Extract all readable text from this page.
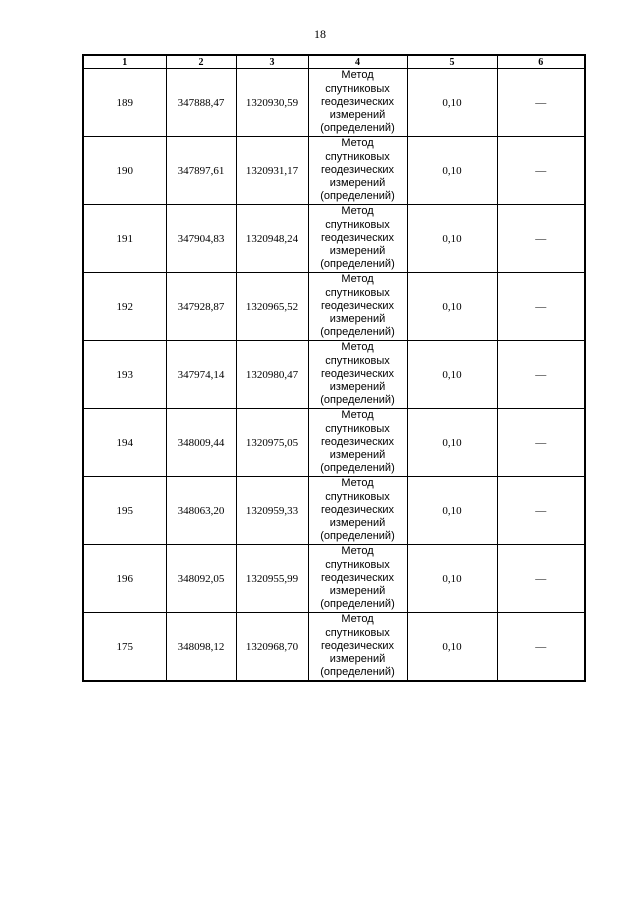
18
1	2	3	4	5	6
189	347888,47	1320930,59	Метод
спутниковых
геодезических
измерений
(определений)	0,10	—
190	347897,61	1320931,17	Метод
спутниковых
геодезических
измерений
(определений)	0,10	—
191	347904,83	1320948,24	Метод
спутниковых
геодезических
измерений
(определений)	0,10	—
192	347928,87	1320965,52	Метод
спутниковых
геодезических
измерений
(определений)	0,10	—
193	347974,14	1320980,47	Метод
спутниковых
геодезических
измерений
(определений)	0,10	—
194	348009,44	1320975,05	Метод
спутниковых
геодезических
измерений
(определений)	0,10	—
195	348063,20	1320959,33	Метод
спутниковых
геодезических
измерений
(определений)	0,10	—
196	348092,05	1320955,99	Метод
спутниковых
геодезических
измерений
(определений)	0,10	—
175	348098,12	1320968,70	Метод
спутниковых
геодезических
измерений
(определений)	0,10	—
